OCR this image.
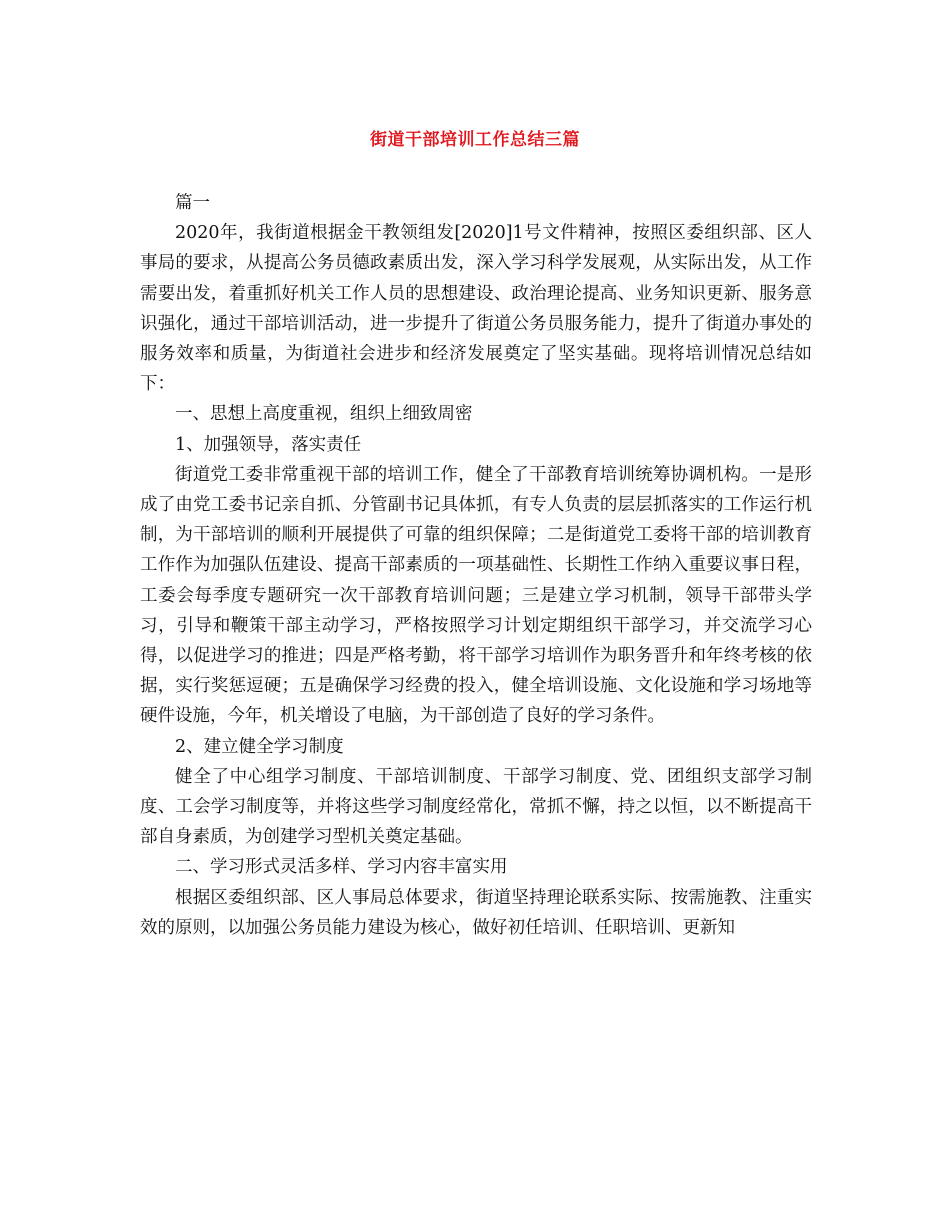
街道干部培训工作总结三篇

篇一

2020年，我街道根据金干教领组发[2020]1号文件精神，按照区委组织部、区人事局的要求，从提高公务员德政素质出发，深入学习科学发展观，从实际出发，从工作需要出发，着重抓好机关工作人员的思想建设、政治理论提高、业务知识更新、服务意识强化，通过干部培训活动，进一步提升了街道公务员服务能力，提升了街道办事处的服务效率和质量，为街道社会进步和经济发展奠定了坚实基础。现将培训情况总结如下：

一、思想上高度重视，组织上细致周密

1、加强领导，落实责任

街道党工委非常重视干部的培训工作，健全了干部教育培训统筹协调机构。一是形成了由党工委书记亲自抓、分管副书记具体抓，有专人负责的层层抓落实的工作运行机制，为干部培训的顺利开展提供了可靠的组织保障；二是街道党工委将干部的培训教育工作作为加强队伍建设、提高干部素质的一项基础性、长期性工作纳入重要议事日程，工委会每季度专题研究一次干部教育培训问题；三是建立学习机制，领导干部带头学习，引导和鞭策干部主动学习，严格按照学习计划定期组织干部学习，并交流学习心得，以促进学习的推进；四是严格考勤，将干部学习培训作为职务晋升和年终考核的依据，实行奖惩逗硬；五是确保学习经费的投入，健全培训设施、文化设施和学习场地等硬件设施，今年，机关增设了电脑，为干部创造了良好的学习条件。

2、建立健全学习制度

健全了中心组学习制度、干部培训制度、干部学习制度、党、团组织支部学习制度、工会学习制度等，并将这些学习制度经常化，常抓不懈，持之以恒，以不断提高干部自身素质，为创建学习型机关奠定基础。

二、学习形式灵活多样、学习内容丰富实用

根据区委组织部、区人事局总体要求，街道坚持理论联系实际、按需施教、注重实效的原则，以加强公务员能力建设为核心，做好初任培训、任职培训、更新知
